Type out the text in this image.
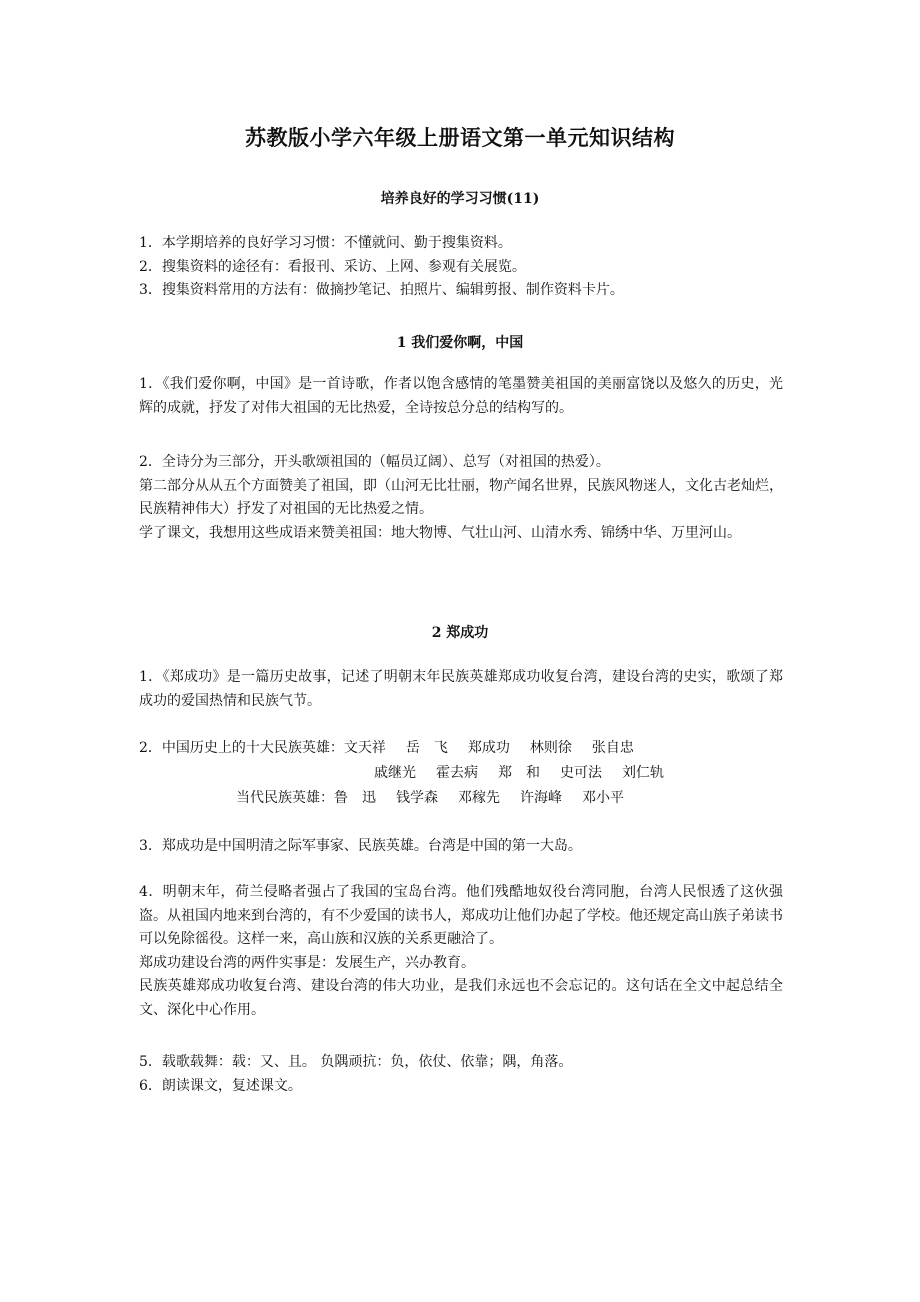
苏教版小学六年级上册语文第一单元知识结构
培养良好的学习习惯(11)
1．本学期培养的良好学习习惯：不懂就问、勤于搜集资料。
2．搜集资料的途径有：看报刊、采访、上网、参观有关展览。
3．搜集资料常用的方法有：做摘抄笔记、拍照片、编辑剪报、制作资料卡片。
1 我们爱你啊，中国
1．《我们爱你啊，中国》是一首诗歌，作者以饱含感情的笔墨赞美祖国的美丽富饶以及悠久的历史，光辉的成就，抒发了对伟大祖国的无比热爱，全诗按总分总的结构写的。
2．全诗分为三部分，开头歌颂祖国的（幅员辽阔）、总写（对祖国的热爱）。
第二部分从从五个方面赞美了祖国，即（山河无比壮丽，物产闻名世界，民族风物迷人，文化古老灿烂，民族精神伟大）抒发了对祖国的无比热爱之情。
学了课文，我想用这些成语来赞美祖国：地大物博、气壮山河、山清水秀、锦绣中华、万里河山。
2 郑成功
1．《郑成功》是一篇历史故事，记述了明朝末年民族英雄郑成功收复台湾，建设台湾的史实，歌颂了郑成功的爱国热情和民族气节。
2．中国历史上的十大民族英雄：文天祥 岳　飞 郑成功 林则徐 张自忠
戚继光 霍去病 郑　和 史可法 刘仁轨
当代民族英雄：鲁　迅 钱学森 邓稼先 许海峰 邓小平
3．郑成功是中国明清之际军事家、民族英雄。台湾是中国的第一大岛。
4．明朝末年，荷兰侵略者强占了我国的宝岛台湾。他们残酷地奴役台湾同胞，台湾人民恨透了这伙强盗。从祖国内地来到台湾的，有不少爱国的读书人，郑成功让他们办起了学校。他还规定高山族子弟读书可以免除徭役。这样一来，高山族和汉族的关系更融洽了。
郑成功建设台湾的两件实事是：发展生产，兴办教育。
民族英雄郑成功收复台湾、建设台湾的伟大功业，是我们永远也不会忘记的。这句话在全文中起总结全文、深化中心作用。
5．载歌载舞：载：又、且。 负隅顽抗：负，依仗、依靠；隅，角落。
6．朗读课文，复述课文。
